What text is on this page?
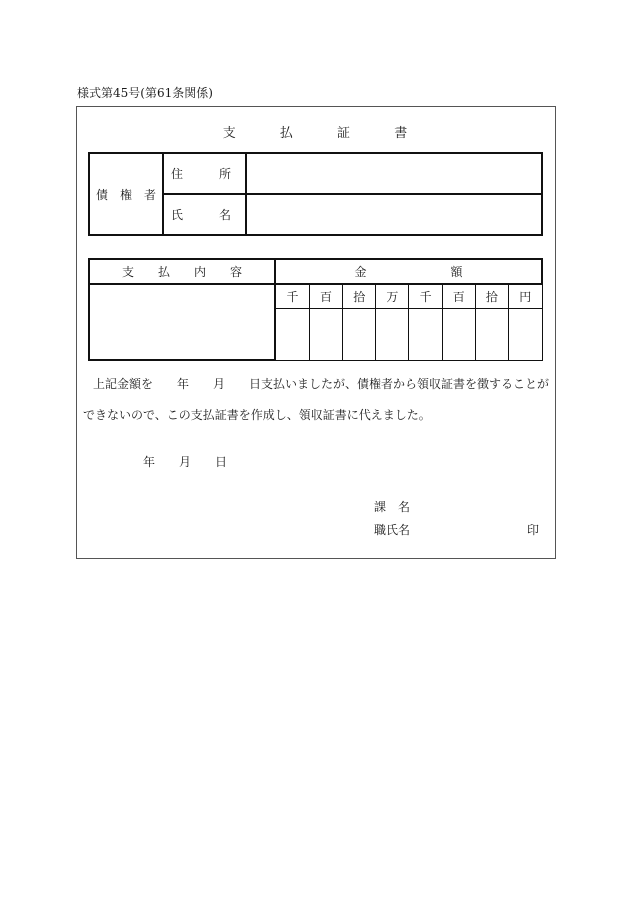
様式第45号(第61条関係)
支	払	証	書
債　権　者	住　　　所	
	氏　　　名	
支　　払　　内　　容	金　　　　　　　額							
	千	百	拾	万	千	百	拾	円

上記金額を　　年　　月　　日支払いましたが、債権者から領収証書を徴することが
できないので、この支払証書を作成し、領収証書に代えました。
年　　月　　日
課　名
職氏名	印
